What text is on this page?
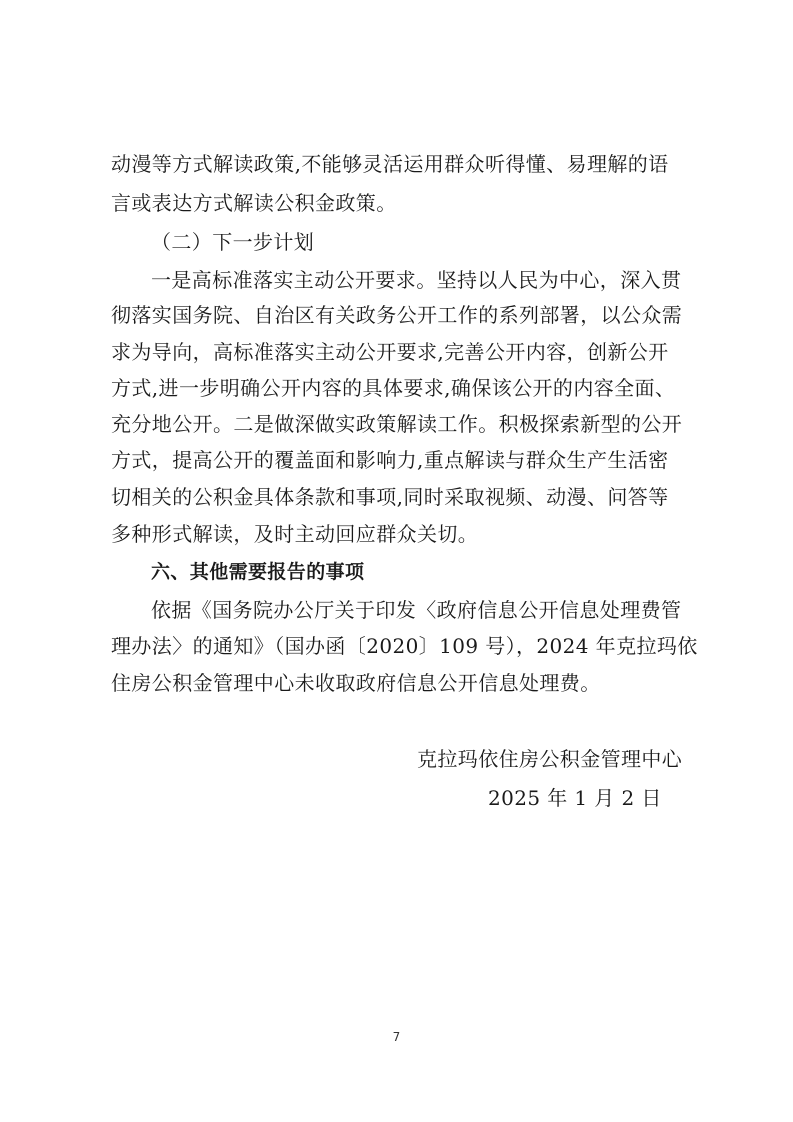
动漫等方式解读政策,不能够灵活运用群众听得懂、易理解的语
言或表达方式解读公积金政策。
（二）下一步计划
一是高标准落实主动公开要求。坚持以人民为中心，深入贯
彻落实国务院、自治区有关政务公开工作的系列部署，以公众需
求为导向，高标准落实主动公开要求,完善公开内容，创新公开
方式,进一步明确公开内容的具体要求,确保该公开的内容全面、
充分地公开。二是做深做实政策解读工作。积极探索新型的公开
方式，提高公开的覆盖面和影响力,重点解读与群众生产生活密
切相关的公积金具体条款和事项,同时采取视频、动漫、问答等
多种形式解读，及时主动回应群众关切。
六、其他需要报告的事项
依据《国务院办公厅关于印发〈政府信息公开信息处理费管
理办法〉的通知》（国办函〔2020〕109 号），2024 年克拉玛依
住房公积金管理中心未收取政府信息公开信息处理费。
克拉玛依住房公积金管理中心
2025 年 1 月 2 日
7
